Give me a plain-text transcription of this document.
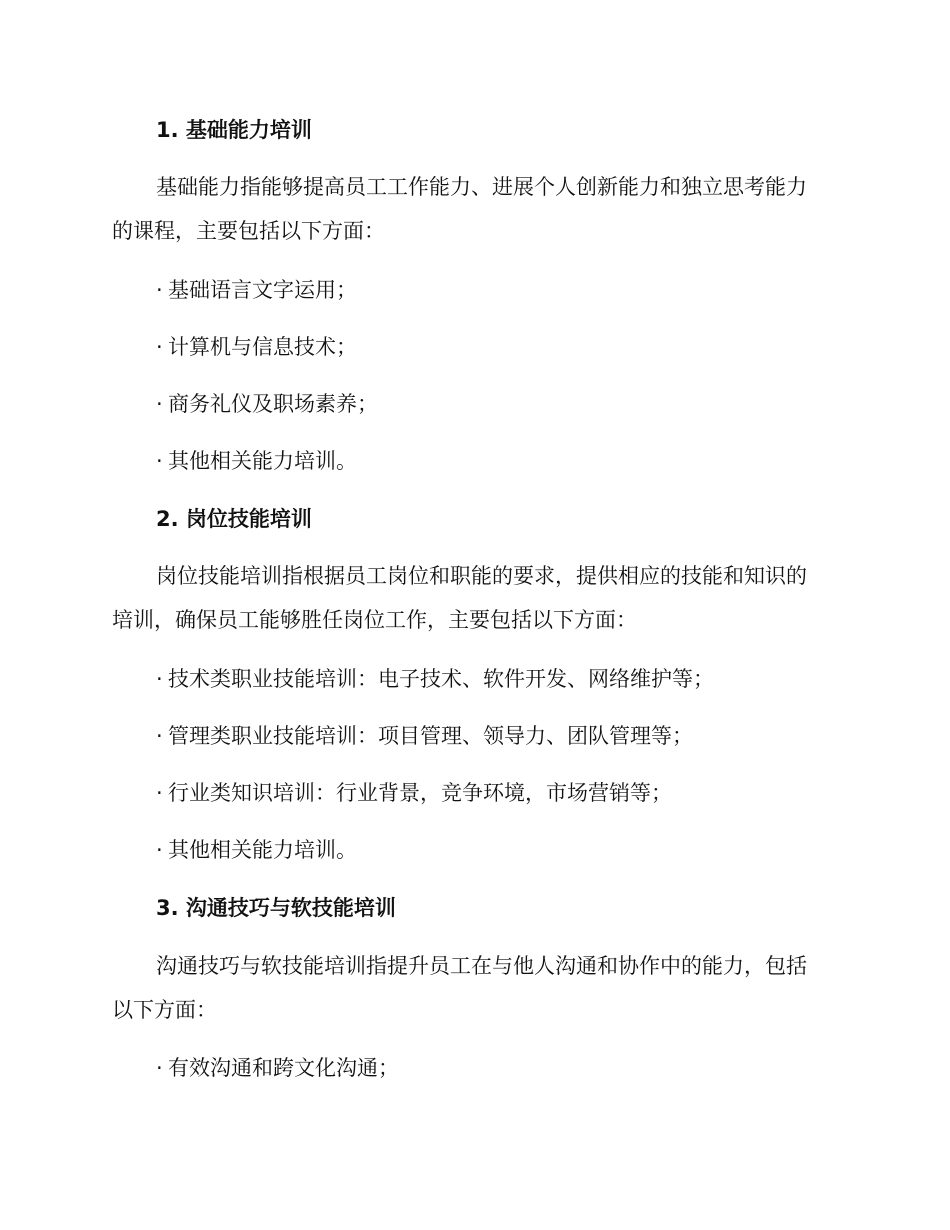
1. 基础能力培训
基础能力指能够提高员工工作能力、进展个人创新能力和独立思考能力
的课程，主要包括以下方面：
· 基础语言文字运用；
· 计算机与信息技术；
· 商务礼仪及职场素养；
· 其他相关能力培训。
2. 岗位技能培训
岗位技能培训指根据员工岗位和职能的要求，提供相应的技能和知识的
培训，确保员工能够胜任岗位工作，主要包括以下方面：
· 技术类职业技能培训：电子技术、软件开发、网络维护等；
· 管理类职业技能培训：项目管理、领导力、团队管理等；
· 行业类知识培训：行业背景，竞争环境，市场营销等；
· 其他相关能力培训。
3. 沟通技巧与软技能培训
沟通技巧与软技能培训指提升员工在与他人沟通和协作中的能力，包括
以下方面：
· 有效沟通和跨文化沟通；
